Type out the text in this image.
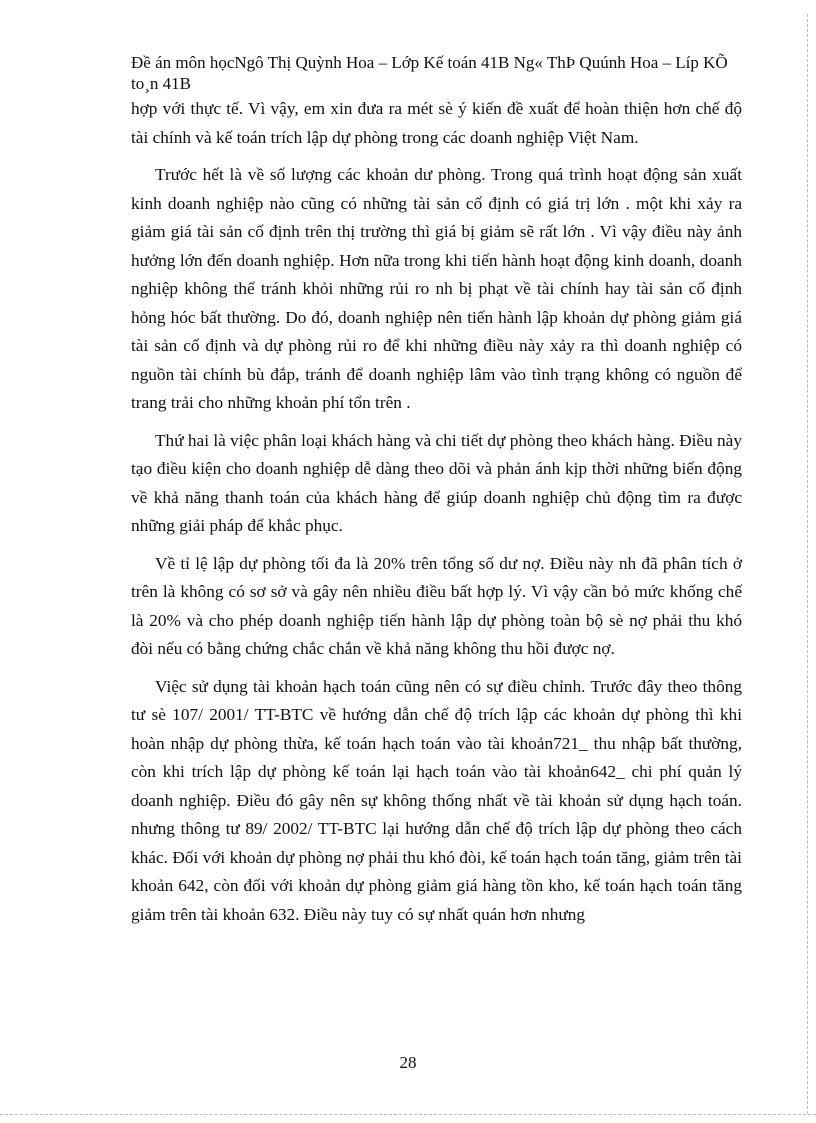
Đề án môn họcNgô Thị Quỳnh Hoa – Lớp Kế toán 41B Ng« ThÞ Quúnh Hoa – Líp KÕ to¸n 41B

hợp với thực tế. Vì vậy, em xin đưa ra mét sè ý kiến đề xuất để hoàn thiện hơn chế độ tài chính và kế toán trích lập dự phòng trong các doanh nghiệp Việt Nam.

Trước hết là về số lượng các khoản dư phòng. Trong quá trình hoạt động sản xuất kinh doanh nghiệp nào cũng có những tài sản cố định có giá trị lớn . một khi xảy ra giảm giá tài sản cố định trên thị trường thì giá bị giảm sẽ rất lớn . Vì vậy điều này ảnh hưởng lớn đến doanh nghiệp. Hơn nữa trong khi tiến hành hoạt động kinh doanh, doanh nghiệp không thể tránh khỏi những rủi ro nh bị phạt về tài chính hay tài sản cố định hỏng hóc bất thường. Do đó, doanh nghiệp nên tiến hành lập khoản dự phòng giảm giá tài sản cố định và dự phòng rủi ro để khi những điều này xảy ra thì doanh nghiệp có nguồn tài chính bù đắp, tránh để doanh nghiệp lâm vào tình trạng không có nguồn để trang trải cho những khoản phí tổn trên .

Thứ hai là việc phân loại khách hàng và chi tiết dự phòng theo khách hàng. Điều này tạo điều kiện cho doanh nghiệp dễ dàng theo dõi và phản ánh kịp thời những biến động về khả năng thanh toán của khách hàng để giúp doanh nghiệp chủ động tìm ra được những giải pháp để khắc phục.

Về tỉ lệ lập dự phòng tối đa là 20% trên tổng số dư nợ. Điều này nh đã phân tích ở trên là không có sơ sở và gây nên nhiều điều bất hợp lý. Vì vậy cần bỏ mức khống chế là 20% và cho phép doanh nghiệp tiến hành lập dự phòng toàn bộ sè nợ phải thu khó đòi nếu có bằng chứng chắc chắn về khả năng không thu hồi được nợ.

Việc sử dụng tài khoản hạch toán cũng nên có sự điều chỉnh. Trước đây theo thông tư sè 107/ 2001/ TT-BTC về hướng dẫn chế độ trích lập các khoản dự phòng thì khi hoàn nhập dự phòng thừa, kế toán hạch toán vào tài khoản721_ thu nhập bất thường, còn khi trích lập dự phòng kế toán lại hạch toán vào tài khoản642_ chi phí quản lý doanh nghiệp. Điều đó gây nên sự không thống nhất về tài khoản sử dụng hạch toán. nhưng thông tư 89/ 2002/ TT-BTC lại hướng dẫn chế độ trích lập dự phòng theo cách khác. Đối với khoản dự phòng nợ phải thu khó đòi, kế toán hạch toán tăng, giảm trên tài khoản 642, còn đối với khoản dự phòng giảm giá hàng tồn kho, kế toán hạch toán tăng giảm trên tài khoản 632. Điều này tuy có sự nhất quán hơn nhưng

28
